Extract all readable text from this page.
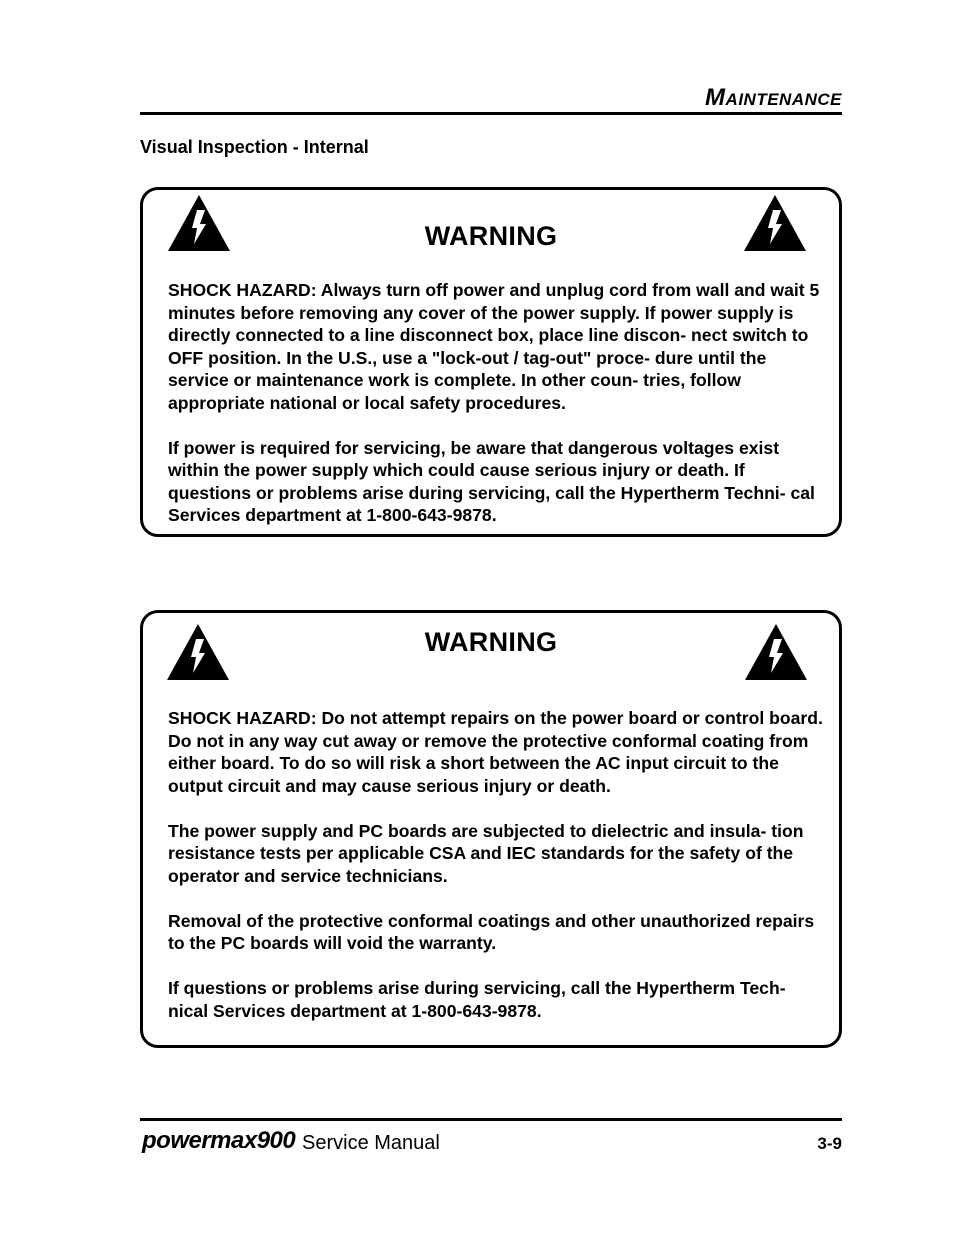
MAINTENANCE
Visual Inspection - Internal
WARNING

SHOCK HAZARD: Always turn off power and unplug cord from wall and wait 5 minutes before removing any cover of the power supply. If power supply is directly connected to a line disconnect box, place line discon- nect switch to OFF position. In the U.S., use a "lock-out / tag-out" proce- dure until the service or maintenance work is complete. In other coun- tries, follow appropriate national or local safety procedures.

If power is required for servicing, be aware that dangerous voltages exist within the power supply which could cause serious injury or death. If questions or problems arise during servicing, call the Hypertherm Techni- cal Services department at 1-800-643-9878.

WARNING

SHOCK HAZARD: Do not attempt repairs on the power board or control board. Do not in any way cut away or remove the protective conformal coating from either board. To do so will risk a short between the AC input circuit to the output circuit and may cause serious injury or death.

The power supply and PC boards are subjected to dielectric and insula- tion resistance tests per applicable CSA and IEC standards for the safety of the operator and service technicians.

Removal of the protective conformal coatings and other unauthorized repairs to the PC boards will void the warranty.

If questions or problems arise during servicing, call the Hypertherm Tech- nical Services department at 1-800-643-9878.

powermax900 Service Manual	3-9
